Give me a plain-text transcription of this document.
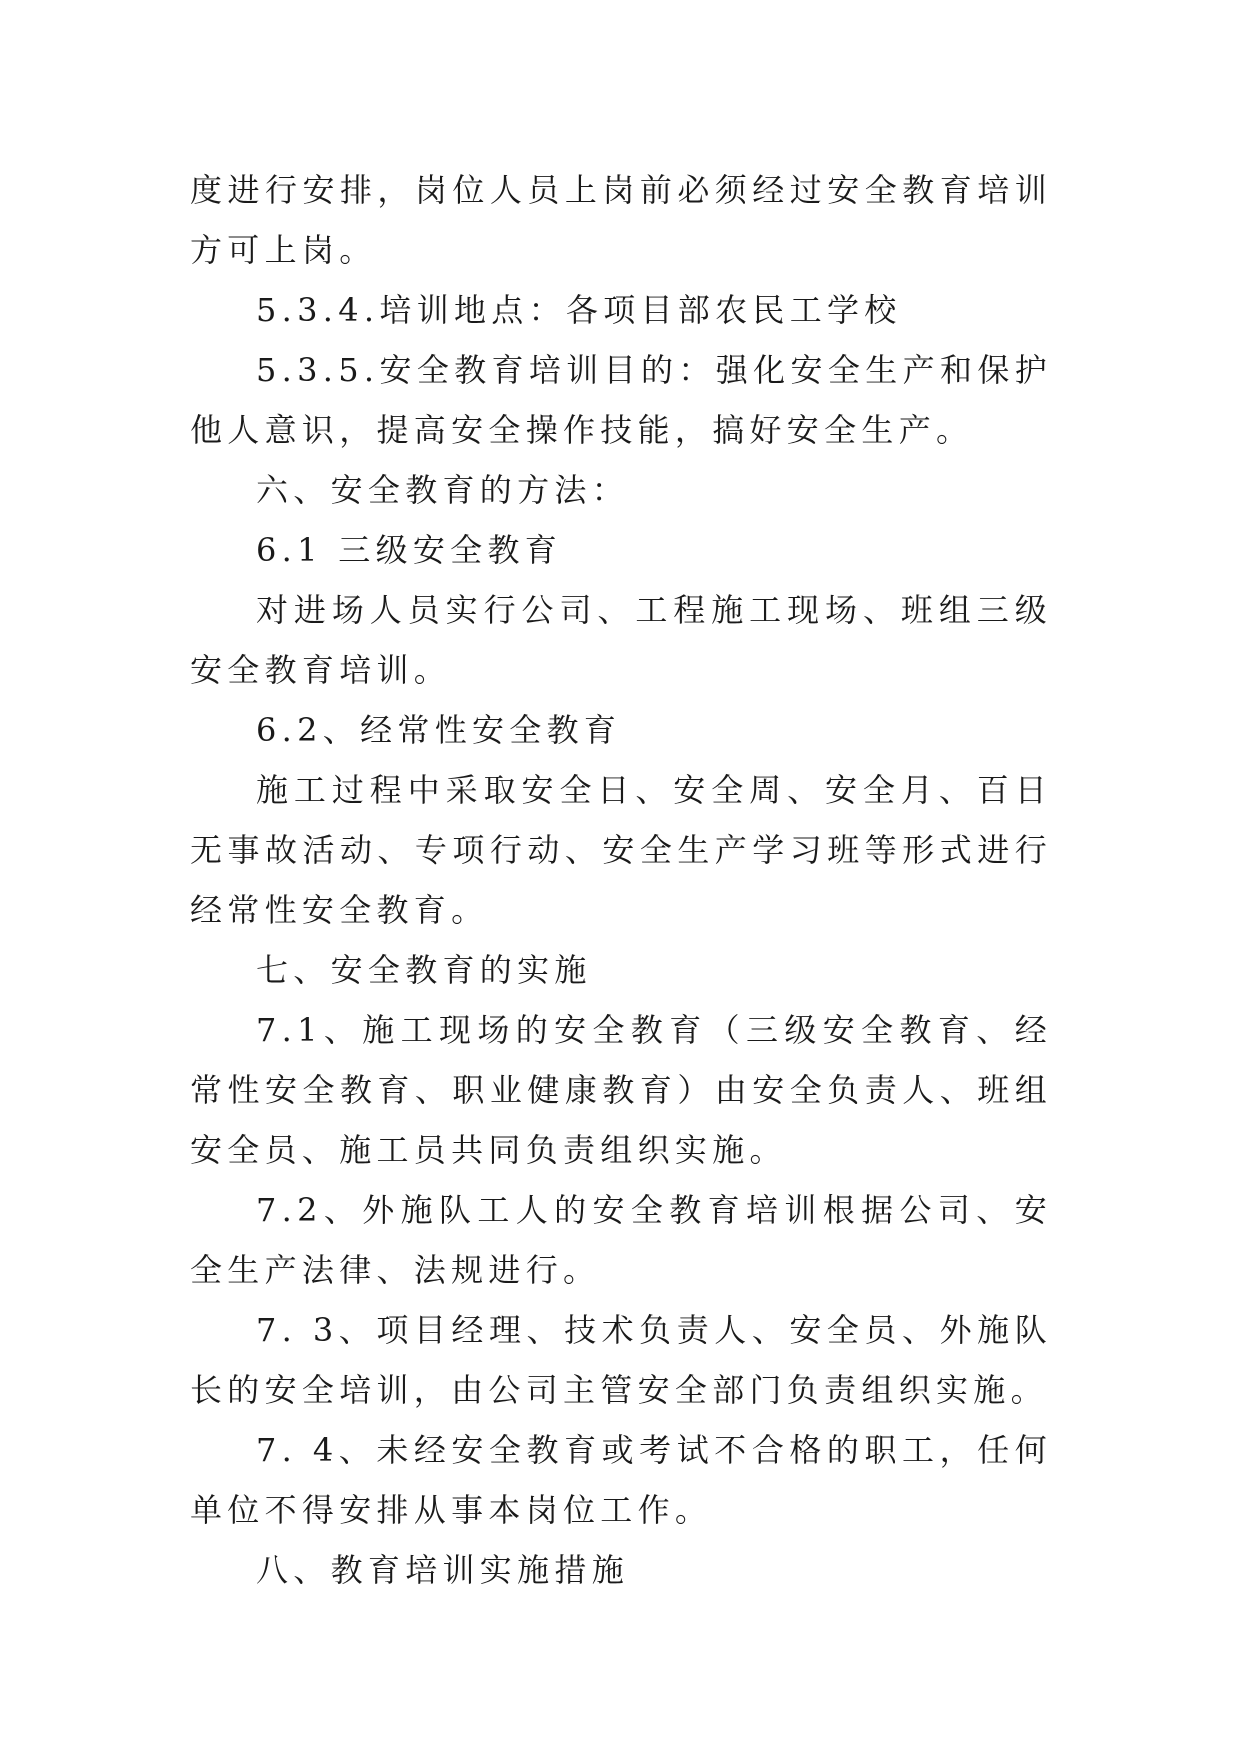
度进行安排，岗位人员上岗前必须经过安全教育培训方可上岗。

5.3.4.培训地点：各项目部农民工学校

5.3.5.安全教育培训目的：强化安全生产和保护他人意识，提高安全操作技能，搞好安全生产。

六、安全教育的方法：

6.1 三级安全教育

对进场人员实行公司、工程施工现场、班组三级安全教育培训。

6.2、经常性安全教育

施工过程中采取安全日、安全周、安全月、百日无事故活动、专项行动、安全生产学习班等形式进行经常性安全教育。

七、安全教育的实施

7.1、施工现场的安全教育（三级安全教育、经常性安全教育、职业健康教育）由安全负责人、班组安全员、施工员共同负责组织实施。

7.2、外施队工人的安全教育培训根据公司、安全生产法律、法规进行。

7. 3、项目经理、技术负责人、安全员、外施队长的安全培训，由公司主管安全部门负责组织实施。

7. 4、未经安全教育或考试不合格的职工，任何单位不得安排从事本岗位工作。

八、教育培训实施措施
